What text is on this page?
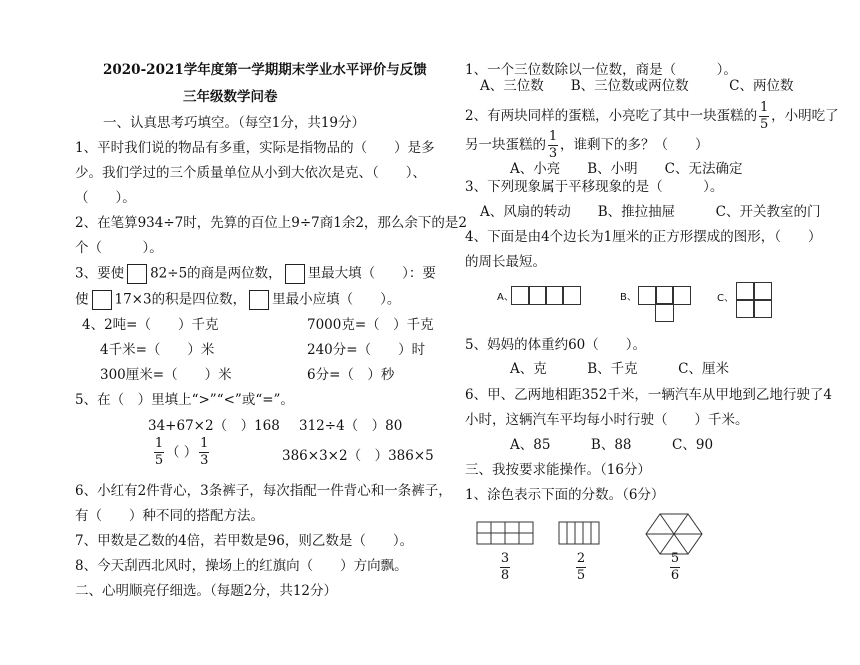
2020-2021学年度第一学期期末学业水平评价与反馈
三年级数学问卷
一、认真思考巧填空。（每空1分，共19分）
1、平时我们说的物品有多重，实际是指物品的（　　）是多
少。我们学过的三个质量单位从小到大依次是克、（　　）、
（　　）。
2、在笔算934÷7时，先算的百位上9÷7商1余2，那么余下的是2
个（　　　）。
3、要使 82÷5的商是两位数， 里最大填（　　）：要
使 17×3的积是四位数， 里最小应填（　　）。
4、2吨=（　　）千克	7000克=（　）千克
4千米=（　　）米	240分=（　　）时
300厘米=（　　）米	6分=（　）秒
5、在（　）里填上“>”“<”或“=”。
34+67×2（　）168 312÷4（　）80
$\frac{1}{5}$ （ ） $\frac{1}{3}$	386×3×2（　）386×5
6、小红有2件背心，3条裤子，每次指配一件背心和一条裤子，
有（　　）种不同的搭配方法。
7、甲数是乙数的4倍，若甲数是96，则乙数是（　　）。
8、今天刮西北风时，操场上的红旗向（　　）方向飘。
二、心明顺亮仔细选。（每题2分，共12分）
1、一个三位数除以一位数，商是（　　　）。
A、三位数　　B、三位数或两位数　　　C、两位数
2、有两块同样的蛋糕，小亮吃了其中一块蛋糕的 $\frac{1}{5}$ ，小明吃了
另一块蛋糕的 $\frac{1}{3}$ ，谁剩下的多？（　　）
A、小亮　　B、小明　　C、无法确定
3、下列现象属于平移现象的是（　　　）。
A、风扇的转动　　B、推拉抽屉　　　C、开关教室的门
4、下面是由4个边长为1厘米的正方形摆成的图形，（　　）
的周长最短。
A、	B、	C、
5、妈妈的体重约60（　　）。
A、克　　　B、千克　　　C、厘米
6、甲、乙两地相距352千米，一辆汽车从甲地到乙地行驶了4
小时，这辆汽车平均每小时行驶（　　）千米。
A、85　　　B、88　　　C、90
三、我按要求能操作。（16分）
1、涂色表示下面的分数。（6分）
$\frac{3}{8}$	$\frac{2}{5}$	$\frac{5}{6}$
